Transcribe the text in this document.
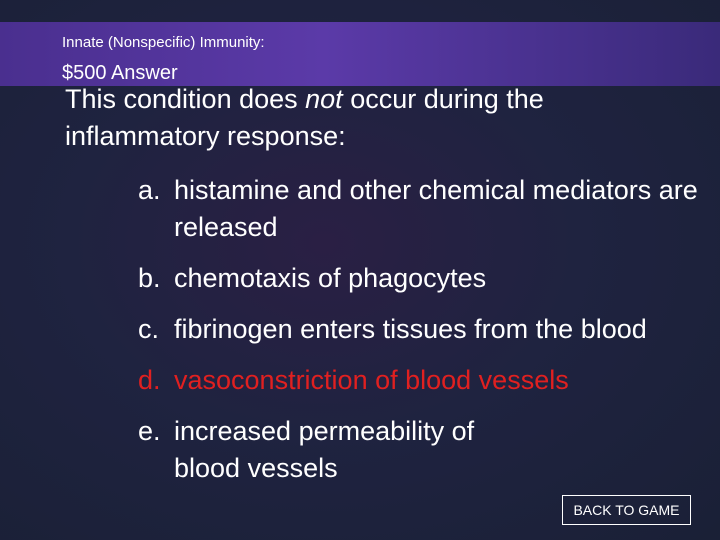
Innate (Nonspecific) Immunity:
$500 Answer
This condition does not occur during the inflammatory response:
a. histamine and other chemical mediators are released
b. chemotaxis of phagocytes
c. fibrinogen enters tissues from the blood
d. vasoconstriction of blood vessels
e. increased permeability of blood vessels
BACK TO GAME
